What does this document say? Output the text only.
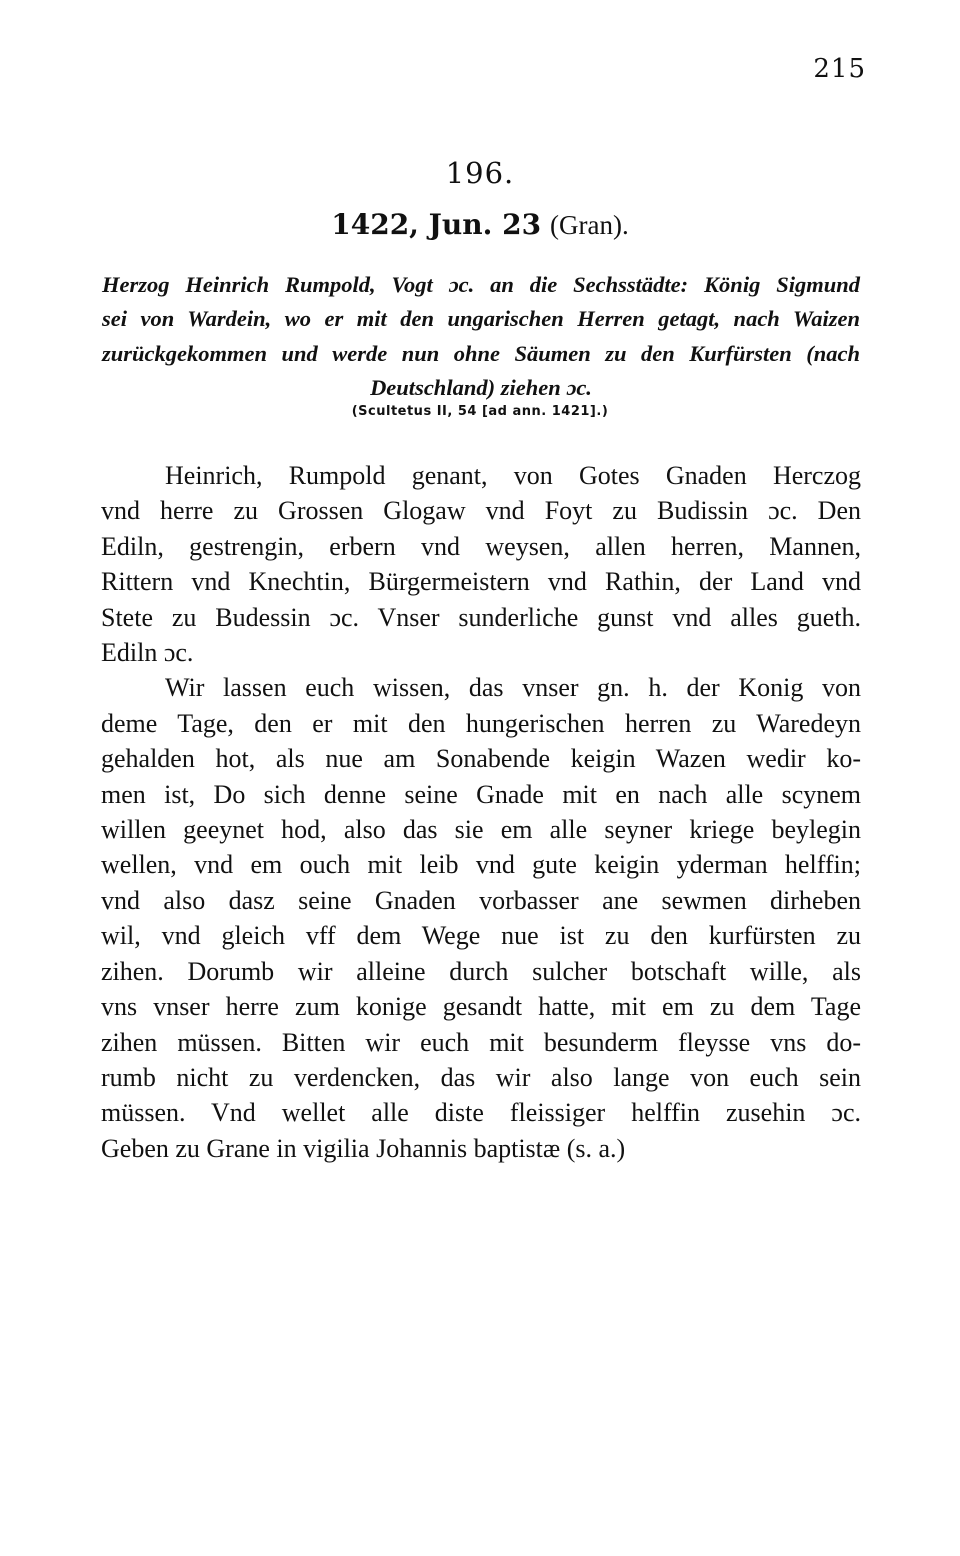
215
196.
1422, Jun. 23 (Gran).
Herzog Heinrich Rumpold, Vogt ɔc. an die Sechsstädte: König Sigmund
sei von Wardein, wo er mit den ungarischen Herren getagt, nach Waizen
zurückgekommen und werde nun ohne Säumen zu den Kurfürsten (nach
Deutschland) ziehen ɔc.
(Scultetus II, 54 [ad ann. 1421].)
Heinrich, Rumpold genant, von Gotes Gnaden Herczog
vnd herre zu Grossen Glogaw vnd Foyt zu Budissin ɔc. Den
Ediln, gestrengin, erbern vnd weysen, allen herren, Mannen,
Rittern vnd Knechtin, Bürgermeistern vnd Rathin, der Land vnd
Stete zu Budessin ɔc. Vnser sunderliche gunst vnd alles gueth.
Ediln ɔc.
Wir lassen euch wissen, das vnser gn. h. der Konig von
deme Tage, den er mit den hungerischen herren zu Waredeyn
gehalden hot, als nue am Sonabende keigin Wazen wedir ko-
men ist, Do sich denne seine Gnade mit en nach alle scynem
willen geeynet hod, also das sie em alle seyner kriege beylegin
wellen, vnd em ouch mit leib vnd gute keigin yderman helffin;
vnd also dasz seine Gnaden vorbasser ane sewmen dirheben
wil, vnd gleich vff dem Wege nue ist zu den kurfürsten zu
zihen. Dorumb wir alleine durch sulcher botschaft wille, als
vns vnser herre zum konige gesandt hatte, mit em zu dem Tage
zihen müssen. Bitten wir euch mit besunderm fleysse vns do-
rumb nicht zu verdencken, das wir also lange von euch sein
müssen. Vnd wellet alle diste fleissiger helffin zusehin ɔc.
Geben zu Grane in vigilia Johannis baptistæ (s. a.)
